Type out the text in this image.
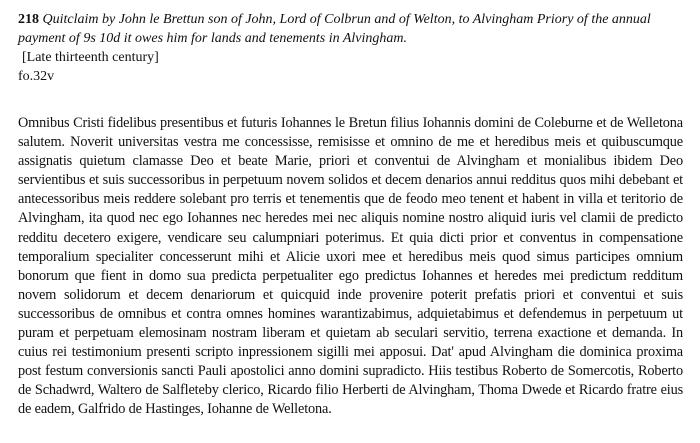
218 Quitclaim by John le Brettun son of John, Lord of Colbrun and of Welton, to Alvingham Priory of the annual payment of 9s 10d it owes him for lands and tenements in Alvingham.

[Late thirteenth century]

fo.32v

Omnibus Cristi fidelibus presentibus et futuris Iohannes le Bretun filius Iohannis domini de Coleburne et de Welletona salutem. Noverit universitas vestra me concessisse, remisisse et omnino de me et heredibus meis et quibuscumque assignatis quietum clamasse Deo et beate Marie, priori et conventui de Alvingham et monialibus ibidem Deo servientibus et suis successoribus in perpetuum novem solidos et decem denarios annui redditus quos mihi debebant et antecessoribus meis reddere solebant pro terris et tenementis que de feodo meo tenent et habent in villa et teritorio de Alvingham, ita quod nec ego Iohannes nec heredes mei nec aliquis nomine nostro aliquid iuris vel clamii de predicto redditu decetero exigere, vendicare seu calumpniari poterimus. Et quia dicti prior et conventus in compensatione temporalium specialiter concesserunt mihi et Alicie uxori mee et heredibus meis quod simus participes omnium bonorum que fient in domo sua predicta perpetualiter ego predictus Iohannes et heredes mei predictum redditum novem solidorum et decem denariorum et quicquid inde provenire poterit prefatis priori et conventui et suis successoribus de omnibus et contra omnes homines warantizabimus, adquietabimus et defendemus in perpetuum ut puram et perpetuam elemosinam nostram liberam et quietam ab seculari servitio, terrena exactione et demanda. In cuius rei testimonium presenti scripto inpressionem sigilli mei apposui. Dat' apud Alvingham die dominica proxima post festum conversionis sancti Pauli apostolici anno domini supradicto. Hiis testibus Roberto de Somercotis, Roberto de Schadwrd, Waltero de Salfleteby clerico, Ricardo filio Herberti de Alvingham, Thoma Dwede et Ricardo fratre eius de eadem, Galfrido de Hastinges, Iohanne de Welletona.
